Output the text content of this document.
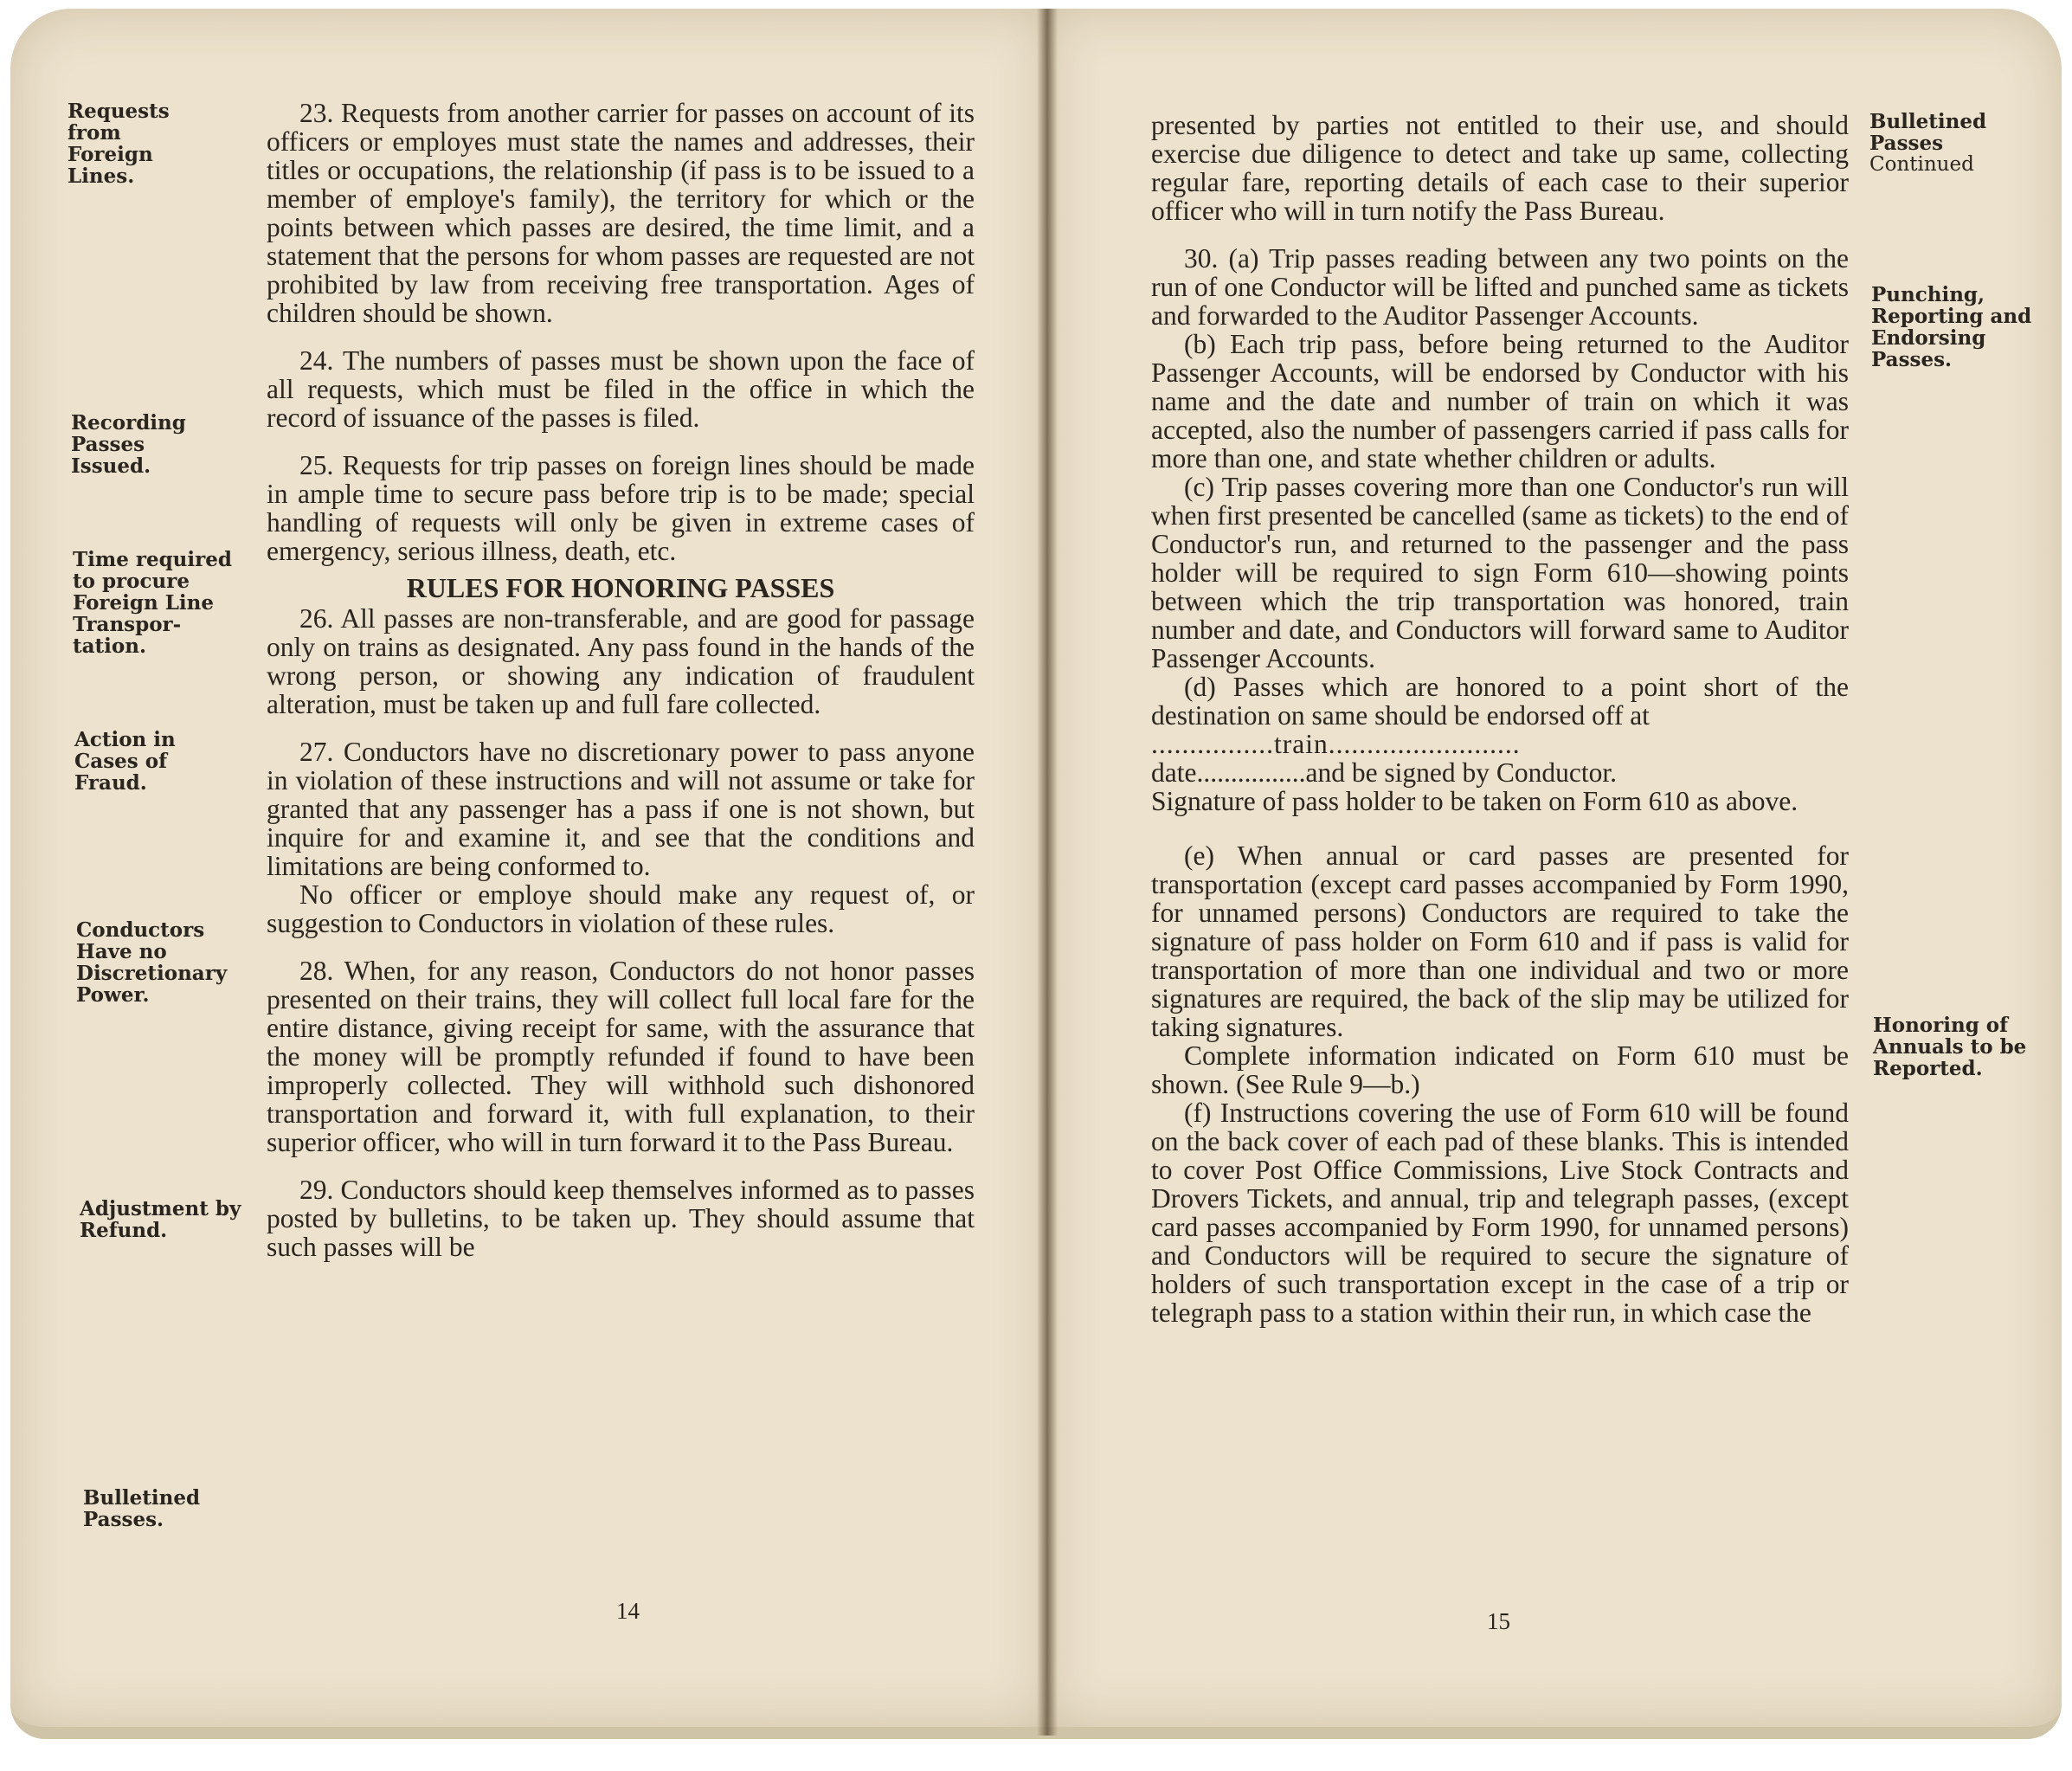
Requests from Foreign Lines.
Recording Passes Issued.
Time required to procure Foreign Line Transpor- tation.
Action in Cases of Fraud.
Conductors Have no Discretionary Power.
Adjustment by Refund.
Bulletined Passes.

23. Requests from another carrier for passes on account of its officers or employes must state the names and addresses, their titles or occupations, the relationship (if pass is to be issued to a member of employe's family), the territory for which or the points between which passes are desired, the time limit, and a statement that the persons for whom passes are requested are not prohibited by law from receiving free transportation. Ages of children should be shown.

24. The numbers of passes must be shown upon the face of all requests, which must be filed in the office in which the record of issuance of the passes is filed.

25. Requests for trip passes on foreign lines should be made in ample time to secure pass before trip is to be made; special handling of requests will only be given in extreme cases of emergency, serious illness, death, etc.

RULES FOR HONORING PASSES

26. All passes are non-transferable, and are good for passage only on trains as designated. Any pass found in the hands of the wrong person, or showing any indication of fraudulent alteration, must be taken up and full fare collected.

27. Conductors have no discretionary power to pass anyone in violation of these instructions and will not assume or take for granted that any passenger has a pass if one is not shown, but inquire for and examine it, and see that the conditions and limitations are being conformed to.

No officer or employe should make any request of, or suggestion to Conductors in violation of these rules.

28. When, for any reason, Conductors do not honor passes presented on their trains, they will collect full local fare for the entire distance, giving receipt for same, with the assurance that the money will be promptly refunded if found to have been improperly collected. They will withhold such dishonored transportation and forward it, with full explanation, to their superior officer, who will in turn forward it to the Pass Bureau.

29. Conductors should keep themselves informed as to passes posted by bulletins, to be taken up. They should assume that such passes will be

14

presented by parties not entitled to their use, and should exercise due diligence to detect and take up same, collecting regular fare, reporting details of each case to their superior officer who will in turn notify the Pass Bureau.

30. (a) Trip passes reading between any two points on the run of one Conductor will be lifted and punched same as tickets and forwarded to the Auditor Passenger Accounts.

(b) Each trip pass, before being returned to the Auditor Passenger Accounts, will be endorsed by Conductor with his name and the date and number of train on which it was accepted, also the number of passengers carried if pass calls for more than one, and state whether children or adults.

(c) Trip passes covering more than one Conductor's run will when first presented be cancelled (same as tickets) to the end of Conductor's run, and returned to the passenger and the pass holder will be required to sign Form 610—showing points between which the trip transportation was honored, train number and date, and Conductors will forward same to Auditor Passenger Accounts.

(d) Passes which are honored to a point short of the destination on same should be endorsed off at

................train.........................

date................and be signed by Conductor.

Signature of pass holder to be taken on Form 610 as above.

(e) When annual or card passes are presented for transportation (except card passes accompanied by Form 1990, for unnamed persons) Conductors are required to take the signature of pass holder on Form 610 and if pass is valid for transportation of more than one individual and two or more signatures are required, the back of the slip may be utilized for taking signatures.

Complete information indicated on Form 610 must be shown. (See Rule 9—b.)

(f) Instructions covering the use of Form 610 will be found on the back cover of each pad of these blanks. This is intended to cover Post Office Commissions, Live Stock Contracts and Drovers Tickets, and annual, trip and telegraph passes, (except card passes accompanied by Form 1990, for unnamed persons) and Conductors will be required to secure the signature of holders of such transportation except in the case of a trip or telegraph pass to a station within their run, in which case the

Bulletined Passes
Continued
Punching, Reporting and Endorsing Passes.
Honoring of Annuals to be Reported.
15
